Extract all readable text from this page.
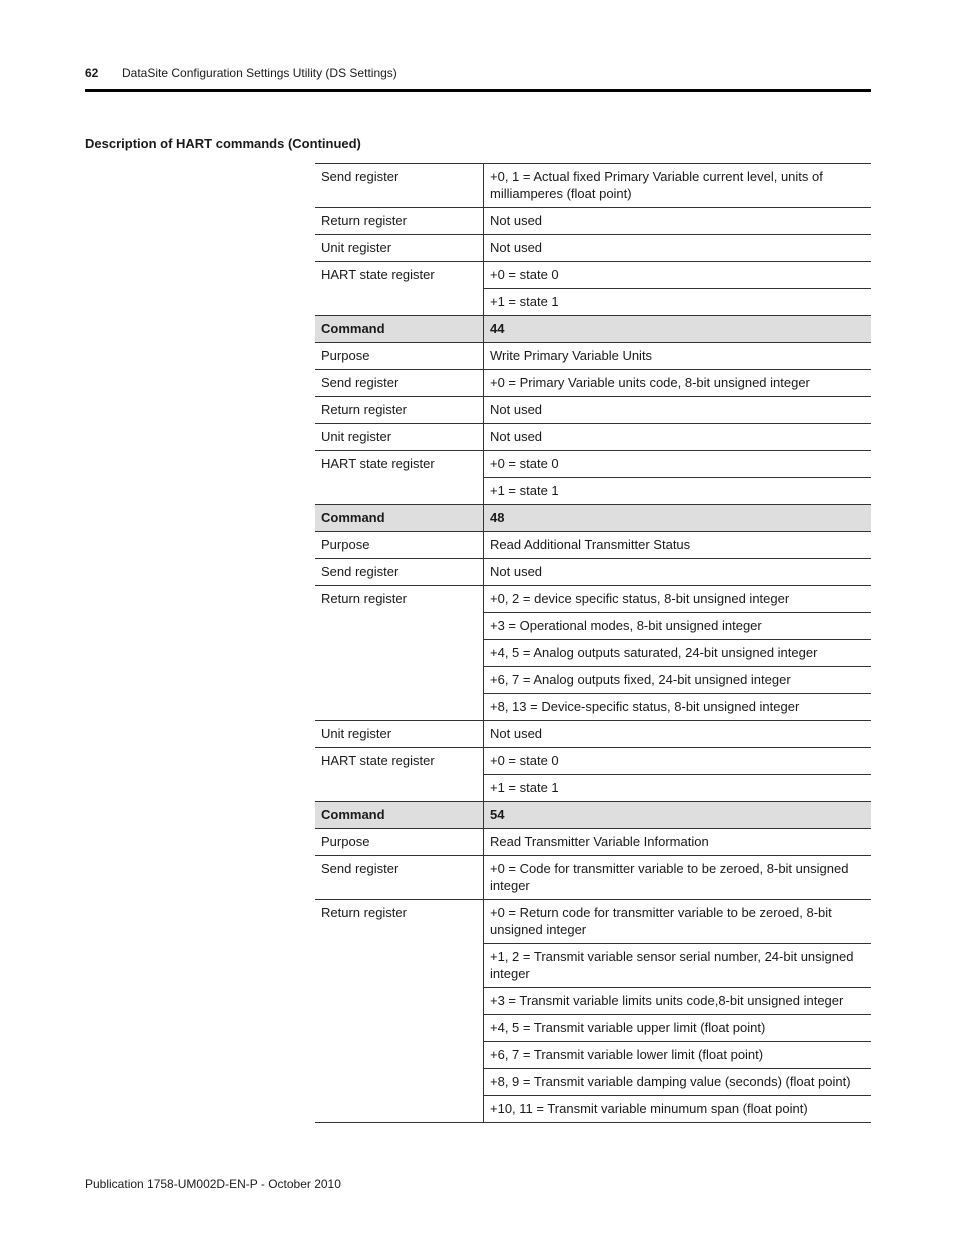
62 DataSite Configuration Settings Utility (DS Settings)
Description of HART commands (Continued)
Send register	+0, 1 = Actual fixed Primary Variable current level, units of milliamperes (float point)
Return register	Not used
Unit register	Not used
HART state register	+0 = state 0
	+1 = state 1
Command	44
Purpose	Write Primary Variable Units
Send register	+0 = Primary Variable units code, 8-bit unsigned integer
Return register	Not used
Unit register	Not used
HART state register	+0 = state 0
	+1 = state 1
Command	48
Purpose	Read Additional Transmitter Status
Send register	Not used
Return register	+0, 2 = device specific status, 8-bit unsigned integer
	+3 = Operational modes, 8-bit unsigned integer
	+4, 5 = Analog outputs saturated, 24-bit unsigned integer
	+6, 7 = Analog outputs fixed, 24-bit unsigned integer
	+8, 13 = Device-specific status, 8-bit unsigned integer
Unit register	Not used
HART state register	+0 = state 0
	+1 = state 1
Command	54
Purpose	Read Transmitter Variable Information
Send register	+0 = Code for transmitter variable to be zeroed, 8-bit unsigned integer
Return register	+0 = Return code for transmitter variable to be zeroed, 8-bit unsigned integer
	+1, 2 = Transmit variable sensor serial number, 24-bit unsigned integer
	+3 = Transmit variable limits units code,8-bit unsigned integer
	+4, 5 = Transmit variable upper limit (float point)
	+6, 7 = Transmit variable lower limit (float point)
	+8, 9 = Transmit variable damping value (seconds) (float point)
	+10, 11 = Transmit variable minumum span (float point)
Publication 1758-UM002D-EN-P - October 2010
